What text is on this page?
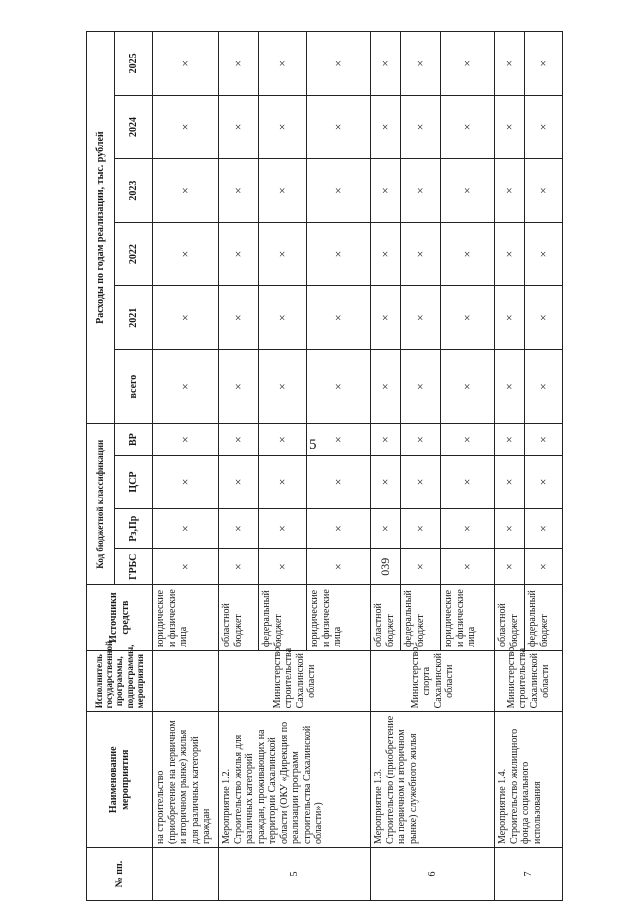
5
№ пп.	Наименование мероприятия	Исполнитель государственной программы, подпрограммы, мероприятия	Источники средств	Код бюджетной классификации				Расходы по годам реализации, тыс. рублей					
				ГРБС	Рз,Пр	ЦСР	ВР	всего	2021	2022	2023	2024	2025
	на строительство (приобретение на первичном и вторичном рынке) жилья для различных категорий граждан		юридические и физические лица	×	×	×	×	×	×	×	×	×	×
5	Мероприятие 1.2. Строительство жилья для различных категорий граждан, проживающих на территории Сахалинской области (ОКУ «Дирекция по реализации программ строительства Сахалинской области»)	Министерство строительства Сахалинской области	областной бюджет	×	×	×	×	×	×	×	×	×	×
			федеральный бюджет	×	×	×	×	×	×	×	×	×	×
			юридические и физические лица	×	×	×	×	×	×	×	×	×	×
6	Мероприятие 1.3. Строительство (приобретение на первичном и вторичном рынке) служебного жилья	Министерство спорта Сахалинской области	областной бюджет	039	×	×	×	×	×	×	×	×	×
			федеральный бюджет	×	×	×	×	×	×	×	×	×	×
			юридические и физические лица	×	×	×	×	×	×	×	×	×	×
7	Мероприятие 1.4. Строительство жилищного фонда социального использования	Министерство строительства Сахалинской области	областной бюджет	×	×	×	×	×	×	×	×	×	×
			федеральный бюджет	×	×	×	×	×	×	×	×	×	×
